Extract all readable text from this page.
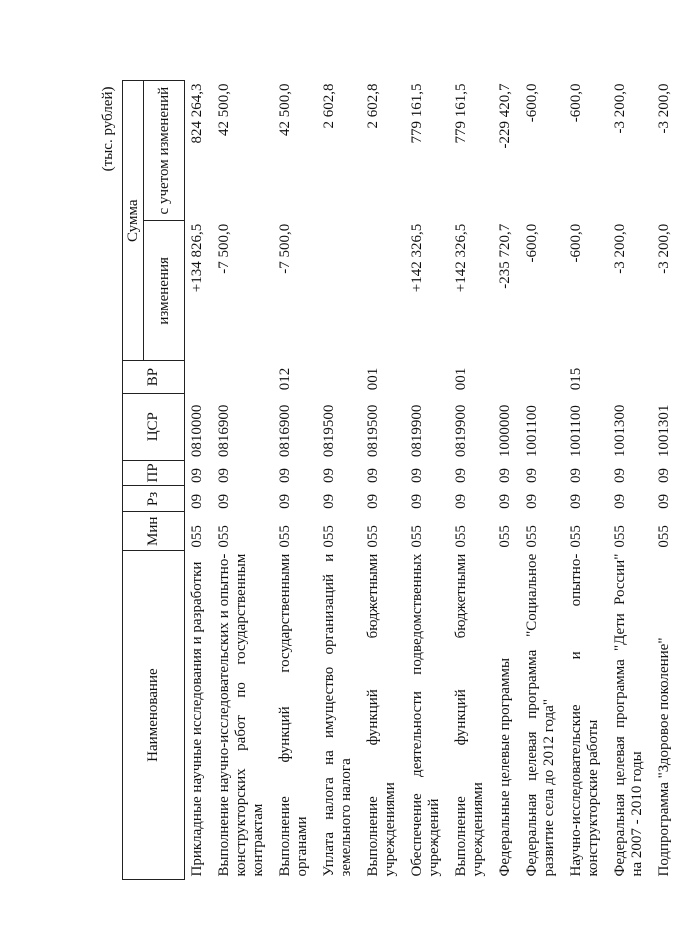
(тыс. рублей)							
Наименование	Мин	Рз	ПР	ЦСР	ВР	Сумма	
						изменения	с учетом изменений
Прикладные научные исследования и разработки	055	09	09	0810000		+134 826,5	824 264,3
Выполнение научно-исследовательских и опытно-конструкторских работ по государственным контрактам	055	09	09	0816900		-7 500,0	42 500,0
Выполнение функций государственными органами	055	09	09	0816900	012	-7 500,0	42 500,0
Уплата налога на имущество организаций и земельного налога	055	09	09	0819500			2 602,8
Выполнение функций бюджетными учреждениями	055	09	09	0819500	001		2 602,8
Обеспечение деятельности подведомственных учреждений	055	09	09	0819900		+142 326,5	779 161,5
Выполнение функций бюджетными учреждениями	055	09	09	0819900	001	+142 326,5	779 161,5
Федеральные целевые программы	055	09	09	1000000		-235 720,7	-229 420,7
Федеральная целевая программа "Социальное развитие села до 2012 года"	055	09	09	1001100		-600,0	-600,0
Научно-исследовательские и опытно-конструкторские работы	055	09	09	1001100	015	-600,0	-600,0
Федеральная целевая программа "Дети России" на 2007 - 2010 годы	055	09	09	1001300		-3 200,0	-3 200,0
Подпрограмма "Здоровое поколение"	055	09	09	1001301		-3 200,0	-3 200,0
